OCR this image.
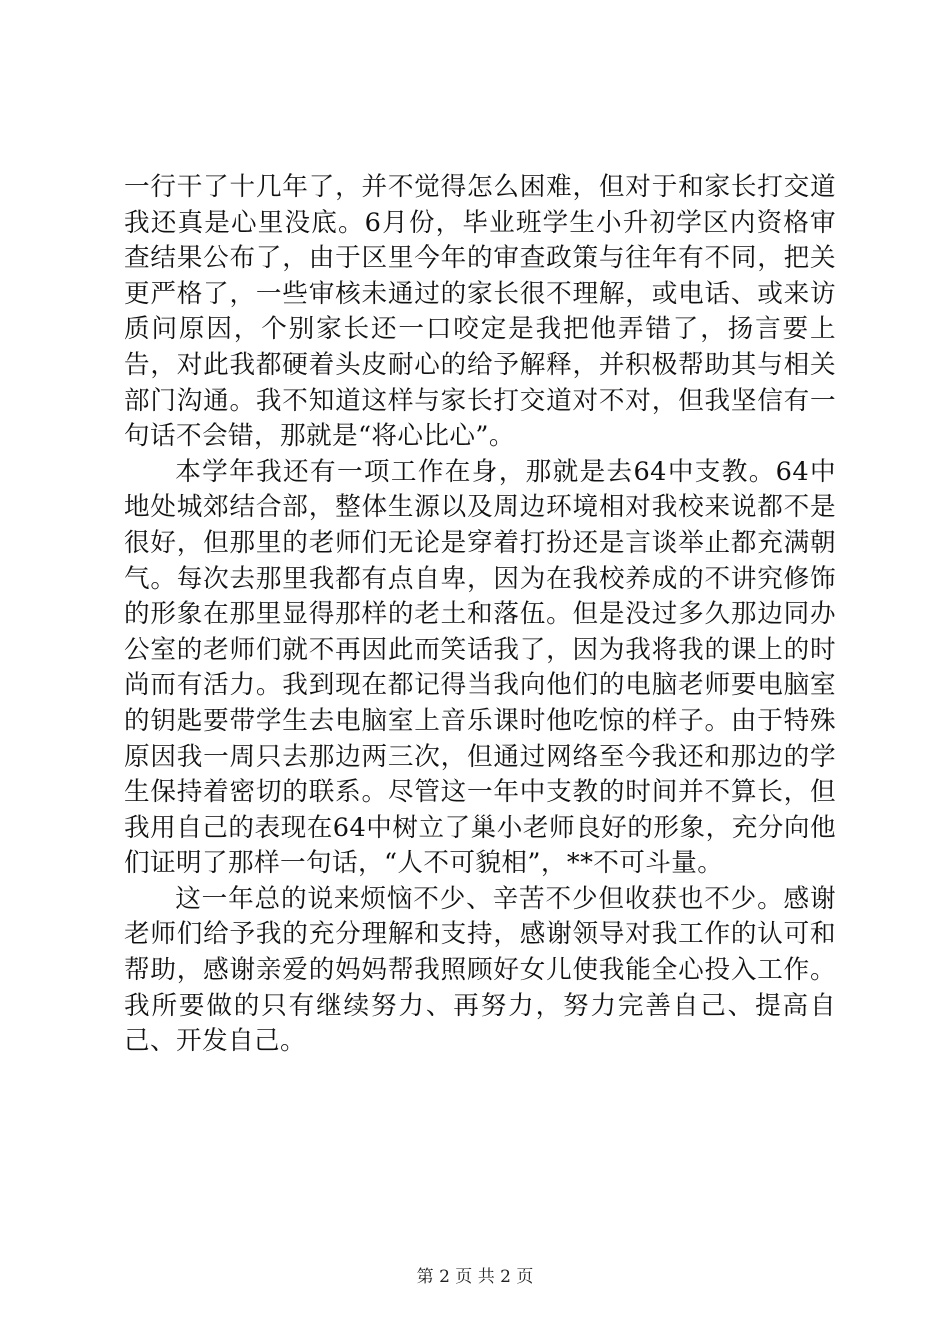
一行干了十几年了，并不觉得怎么困难，但对于和家长打交道我还真是心里没底。6月份，毕业班学生小升初学区内资格审查结果公布了，由于区里今年的审查政策与往年有不同，把关更严格了，一些审核未通过的家长很不理解，或电话、或来访质问原因，个别家长还一口咬定是我把他弄错了，扬言要上告，对此我都硬着头皮耐心的给予解释，并积极帮助其与相关部门沟通。我不知道这样与家长打交道对不对，但我坚信有一句话不会错，那就是“将心比心”。

本学年我还有一项工作在身，那就是去64中支教。64中地处城郊结合部，整体生源以及周边环境相对我校来说都不是很好，但那里的老师们无论是穿着打扮还是言谈举止都充满朝气。每次去那里我都有点自卑，因为在我校养成的不讲究修饰的形象在那里显得那样的老土和落伍。但是没过多久那边同办公室的老师们就不再因此而笑话我了，因为我将我的课上的时尚而有活力。我到现在都记得当我向他们的电脑老师要电脑室的钥匙要带学生去电脑室上音乐课时他吃惊的样子。由于特殊原因我一周只去那边两三次，但通过网络至今我还和那边的学生保持着密切的联系。尽管这一年中支教的时间并不算长，但我用自己的表现在64中树立了巢小老师良好的形象，充分向他们证明了那样一句话，“人不可貌相”，**不可斗量。

这一年总的说来烦恼不少、辛苦不少但收获也不少。感谢老师们给予我的充分理解和支持，感谢领导对我工作的认可和帮助，感谢亲爱的妈妈帮我照顾好女儿使我能全心投入工作。我所要做的只有继续努力、再努力，努力完善自己、提高自己、开发自己。

第 2 页 共 2 页
